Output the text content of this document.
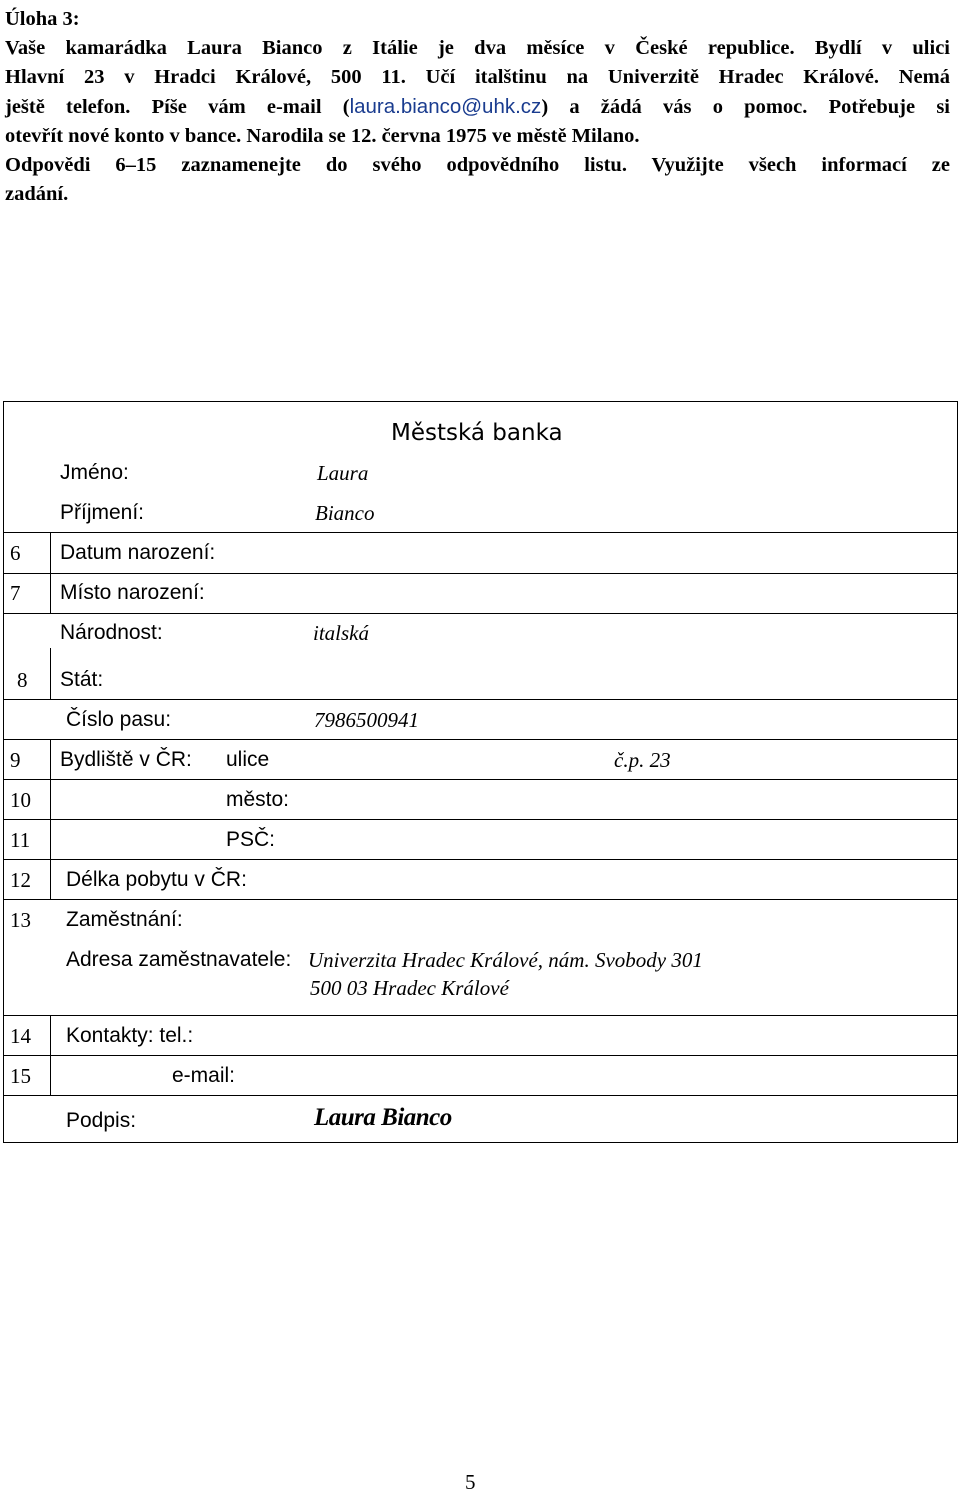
Úloha 3:
Vaše kamarádka Laura Bianco z Itálie je dva měsíce v České republice. Bydlí v ulici
Hlavní 23 v Hradci Králové, 500 11. Učí italštinu na Univerzitě Hradec Králové. Nemá
ještě telefon. Píše vám e-mail (laura.bianco@uhk.cz) a žádá vás o pomoc. Potřebuje si
otevřít nové konto v bance. Narodila se 12. června 1975 ve městě Milano.
Odpovědi 6–15 zaznamenejte do svého odpovědního listu. Využijte všech informací ze
zadání.
Městská banka
Jméno:	Laura
Příjmení:	Bianco
6 Datum narození:
7 Místo narození:
Národnost:	italská
8 Stát:
Číslo pasu:	7986500941
9 Bydliště v ČR: ulice	č.p. 23
10	město:
11	PSČ:
12 Délka pobytu v ČR:
13 Zaměstnání:
Adresa zaměstnavatele: Univerzita Hradec Králové, nám. Svobody 301
500 03 Hradec Králové
14 Kontakty: tel.:
15	e-mail:
Podpis:	Laura Bianco
5
